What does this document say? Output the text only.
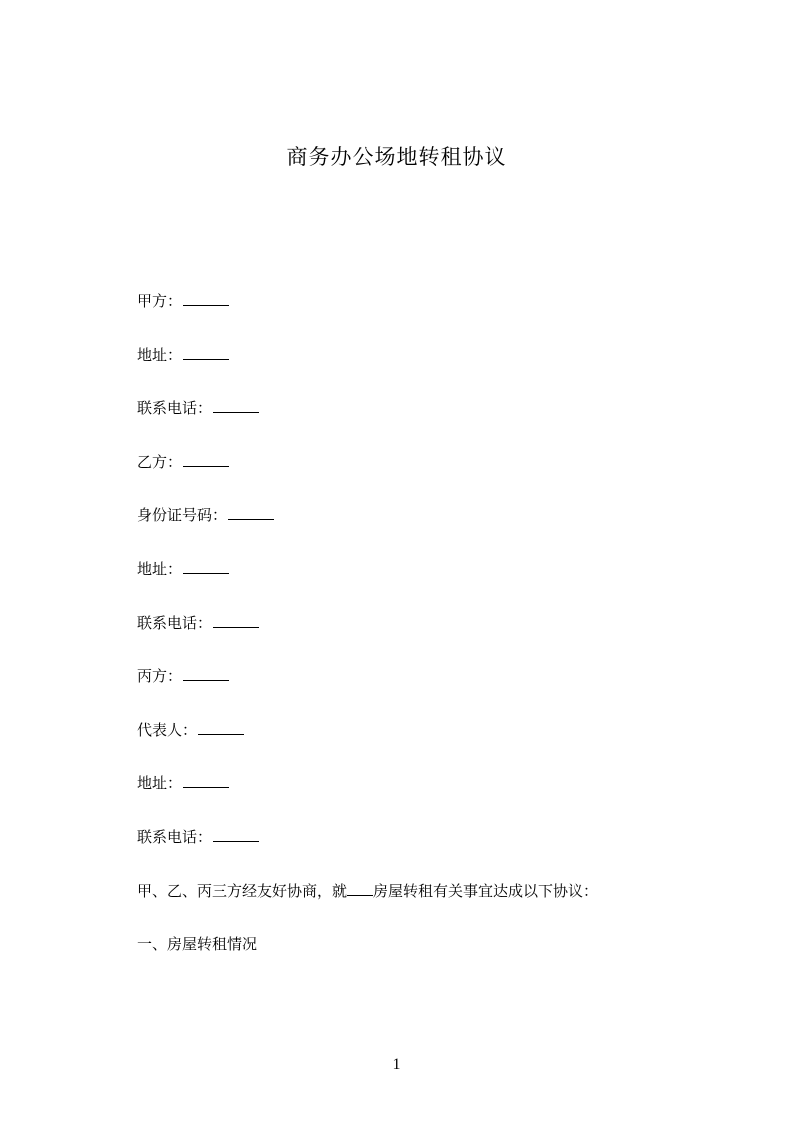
商务办公场地转租协议
甲方：
地址：
联系电话：
乙方：
身份证号码：
地址：
联系电话：
丙方：
代表人：
地址：
联系电话：
甲、乙、丙三方经友好协商，就 房屋转租有关事宜达成以下协议：
一、房屋转租情况
1
